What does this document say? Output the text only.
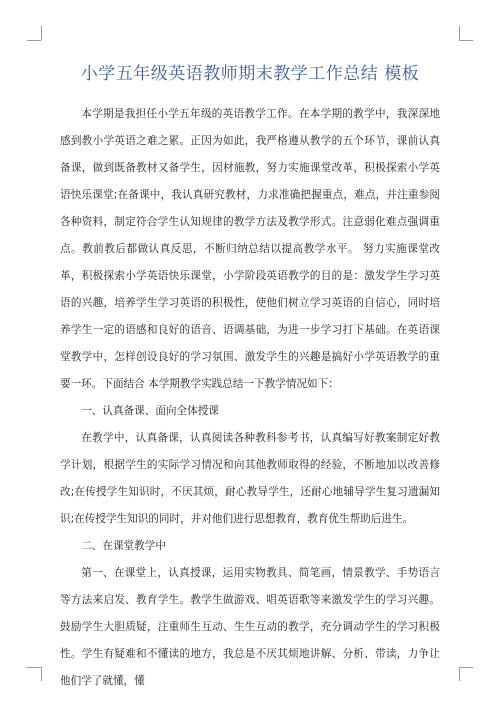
小学五年级英语教师期末教学工作总结 模板

本学期是我担任小学五年级的英语教学工作。在本学期的教学中，我深深地感到教小学英语之难之累。正因为如此，我严格遵从教学的五个环节，课前认真备课，做到既备教材又备学生，因材施教，努力实施课堂改革，积极探索小学英语快乐课堂;在备课中，我认真研究教材，力求准确把握重点，难点，并注重参阅各种资料，制定符合学生认知规律的教学方法及教学形式。注意弱化难点强调重点。教前教后都做认真反思，不断归纳总结以提高教学水平。 努力实施课堂改革，积极探索小学英语快乐课堂，小学阶段英语教学的目的是：激发学生学习英语的兴趣，培养学生学习英语的积极性，使他们树立学习英语的自信心，同时培养学生一定的语感和良好的语音、语调基础，为进一步学习打下基础。在英语课堂教学中，怎样创设良好的学习氛围、激发学生的兴趣是搞好小学英语教学的重要一环。下面结合 本学期教学实践总结一下教学情况如下：

一、认真备课、面向全体授课

在教学中，认真备课，认真阅读各种教科参考书，认真编写好教案制定好教学计划，根据学生的实际学习情况和向其他教师取得的经验，不断地加以改善修改;在传授学生知识时，不厌其烦，耐心教导学生，还耐心地辅导学生复习遗漏知识;在传授学生知识的同时，并对他们进行思想教育，教育优生帮助后进生。

二、在课堂教学中

第一、在课堂上，认真授课，运用实物教具、简笔画，情景教学、手势语言等方法来启发、教育学生。教学生做游戏、唱英语歌等来激发学生的学习兴趣。鼓励学生大胆质疑，注重师生互动、生生互动的教学，充分调动学生的学习积极性。学生有疑难和不懂读的地方，我总是不厌其烦地讲解、分析、带读，力争让他们学了就懂，懂
